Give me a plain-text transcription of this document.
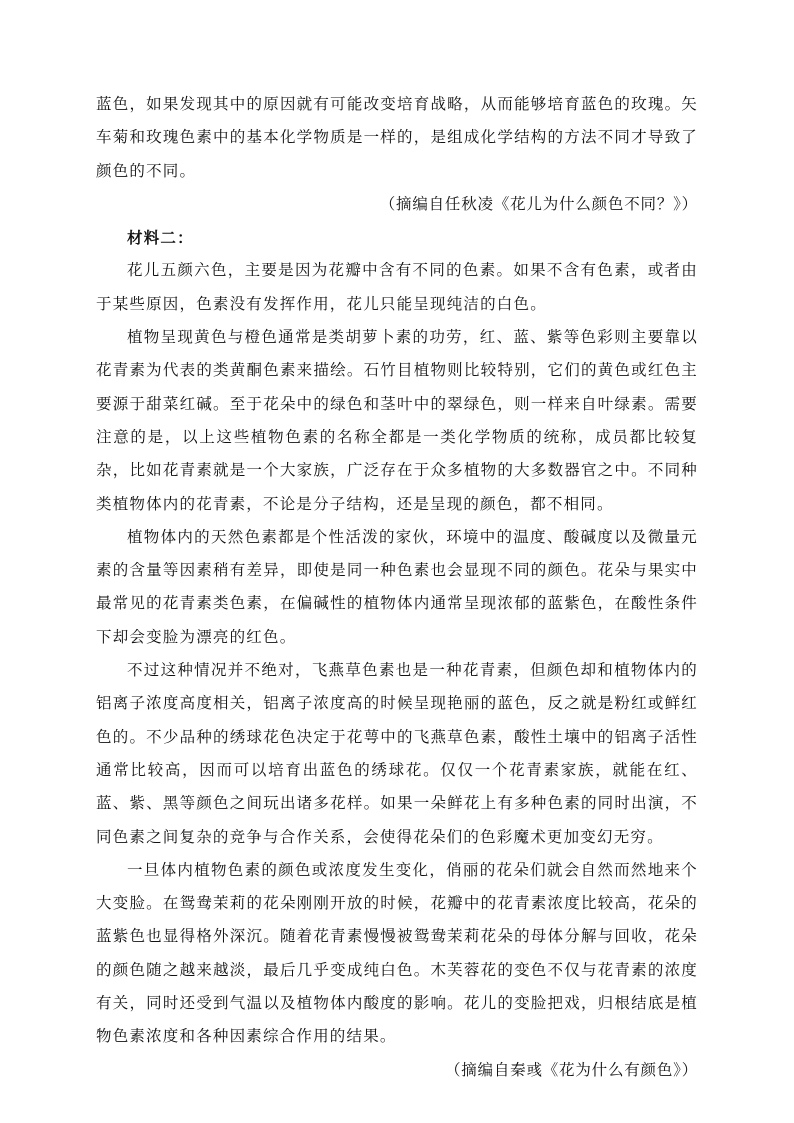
蓝色，如果发现其中的原因就有可能改变培育战略，从而能够培育蓝色的玫瑰。矢车菊和玫瑰色素中的基本化学物质是一样的，是组成化学结构的方法不同才导致了颜色的不同。

（摘编自任秋凌《花儿为什么颜色不同？》）

材料二：

花儿五颜六色，主要是因为花瓣中含有不同的色素。如果不含有色素，或者由于某些原因，色素没有发挥作用，花儿只能呈现纯洁的白色。

植物呈现黄色与橙色通常是类胡萝卜素的功劳，红、蓝、紫等色彩则主要靠以花青素为代表的类黄酮色素来描绘。石竹目植物则比较特别，它们的黄色或红色主要源于甜菜红碱。至于花朵中的绿色和茎叶中的翠绿色，则一样来自叶绿素。需要注意的是，以上这些植物色素的名称全都是一类化学物质的统称，成员都比较复杂，比如花青素就是一个大家族，广泛存在于众多植物的大多数器官之中。不同种类植物体内的花青素，不论是分子结构，还是呈现的颜色，都不相同。

植物体内的天然色素都是个性活泼的家伙，环境中的温度、酸碱度以及微量元素的含量等因素稍有差异，即使是同一种色素也会显现不同的颜色。花朵与果实中最常见的花青素类色素，在偏碱性的植物体内通常呈现浓郁的蓝紫色，在酸性条件下却会变脸为漂亮的红色。

不过这种情况并不绝对，飞燕草色素也是一种花青素，但颜色却和植物体内的铝离子浓度高度相关，铝离子浓度高的时候呈现艳丽的蓝色，反之就是粉红或鲜红色的。不少品种的绣球花色决定于花萼中的飞燕草色素，酸性土壤中的铝离子活性通常比较高，因而可以培育出蓝色的绣球花。仅仅一个花青素家族，就能在红、蓝、紫、黑等颜色之间玩出诸多花样。如果一朵鲜花上有多种色素的同时出演，不同色素之间复杂的竞争与合作关系，会使得花朵们的色彩魔术更加变幻无穷。

一旦体内植物色素的颜色或浓度发生变化，俏丽的花朵们就会自然而然地来个大变脸。在鸳鸯茉莉的花朵刚刚开放的时候，花瓣中的花青素浓度比较高，花朵的蓝紫色也显得格外深沉。随着花青素慢慢被鸳鸯茉莉花朵的母体分解与回收，花朵的颜色随之越来越淡，最后几乎变成纯白色。木芙蓉花的变色不仅与花青素的浓度有关，同时还受到气温以及植物体内酸度的影响。花儿的变脸把戏，归根结底是植物色素浓度和各种因素综合作用的结果。

（摘编自秦彧《花为什么有颜色》）
